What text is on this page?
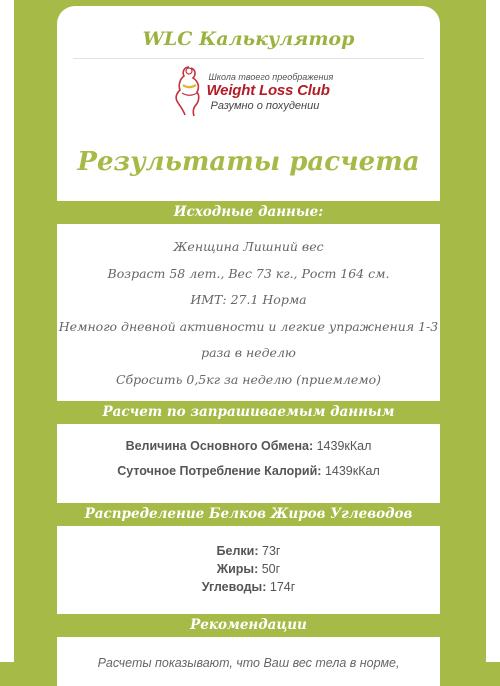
WLC Калькулятор
Школа твоего преображения
Weight Loss Club
Разумно о похудении
Результаты расчета
Исходные данные:
Женщина Лишний вес
Возраст 58 лет., Вес 73 кг., Рост 164 см.
ИМТ: 27.1 Норма
Немного дневной активности и легкие упражнения 1-3
раза в неделю
Сбросить 0,5кг за неделю (приемлемо)
Расчет по запрашиваемым данным
Величина Основного Обмена: 1439кКал
Суточное Потребление Калорий: 1439кКал
Распределение Белков Жиров Углеводов
Белки: 73г
Жиры: 50г
Углеводы: 174г
Рекомендации
Расчеты показывают, что Ваш вес тела в норме,
